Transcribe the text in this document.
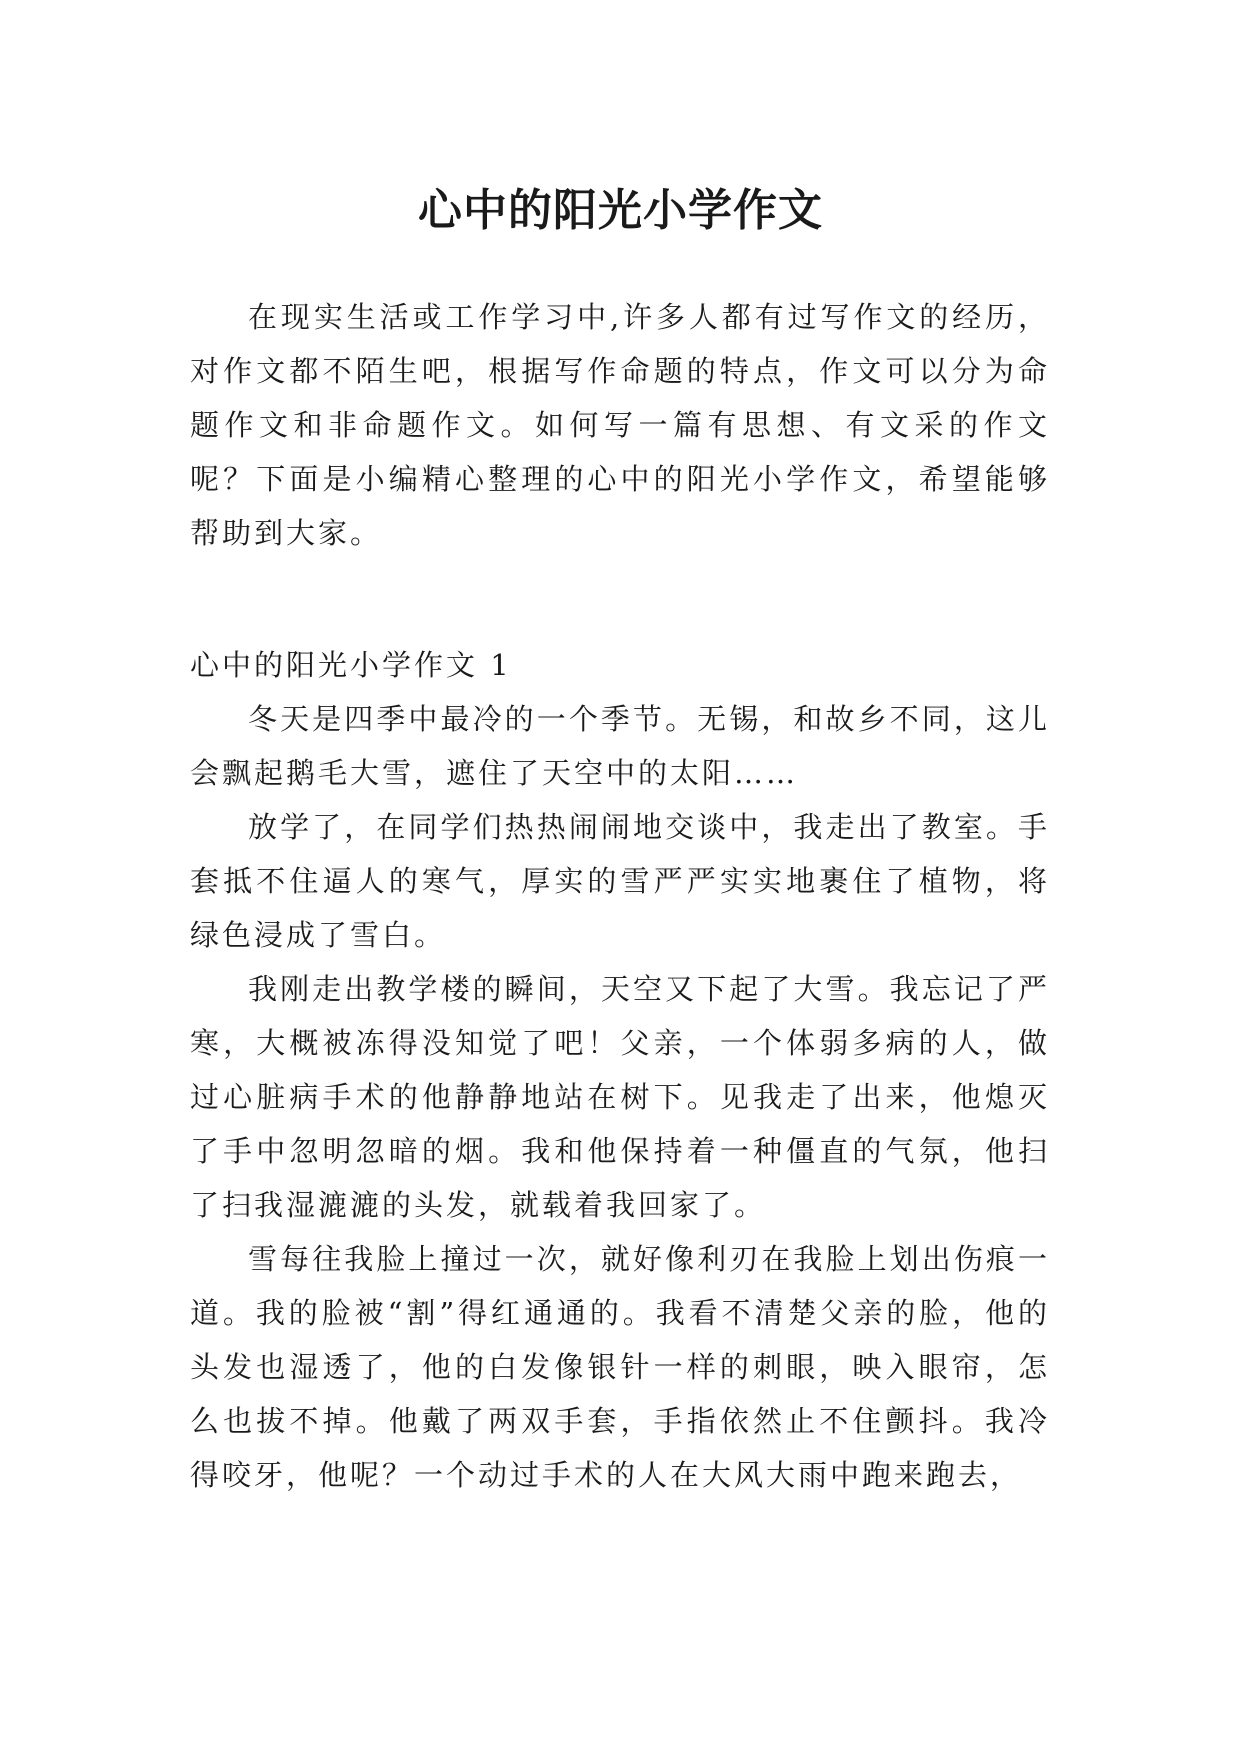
心中的阳光小学作文

在现实生活或工作学习中,许多人都有过写作文的经历，对作文都不陌生吧，根据写作命题的特点，作文可以分为命题作文和非命题作文。如何写一篇有思想、有文采的作文呢？下面是小编精心整理的心中的阳光小学作文，希望能够帮助到大家。

心中的阳光小学作文 1

冬天是四季中最冷的一个季节。无锡，和故乡不同，这儿会飘起鹅毛大雪，遮住了天空中的太阳……

放学了，在同学们热热闹闹地交谈中，我走出了教室。手套抵不住逼人的寒气，厚实的雪严严实实地裹住了植物，将绿色浸成了雪白。

我刚走出教学楼的瞬间，天空又下起了大雪。我忘记了严寒，大概被冻得没知觉了吧！父亲，一个体弱多病的人，做过心脏病手术的他静静地站在树下。见我走了出来，他熄灭了手中忽明忽暗的烟。我和他保持着一种僵直的气氛，他扫了扫我湿漉漉的头发，就载着我回家了。

雪每往我脸上撞过一次，就好像利刃在我脸上划出伤痕一道。我的脸被“割”得红通通的。我看不清楚父亲的脸，他的头发也湿透了，他的白发像银针一样的刺眼，映入眼帘，怎么也拔不掉。他戴了两双手套，手指依然止不住颤抖。我冷得咬牙，他呢？一个动过手术的人在大风大雨中跑来跑去，
